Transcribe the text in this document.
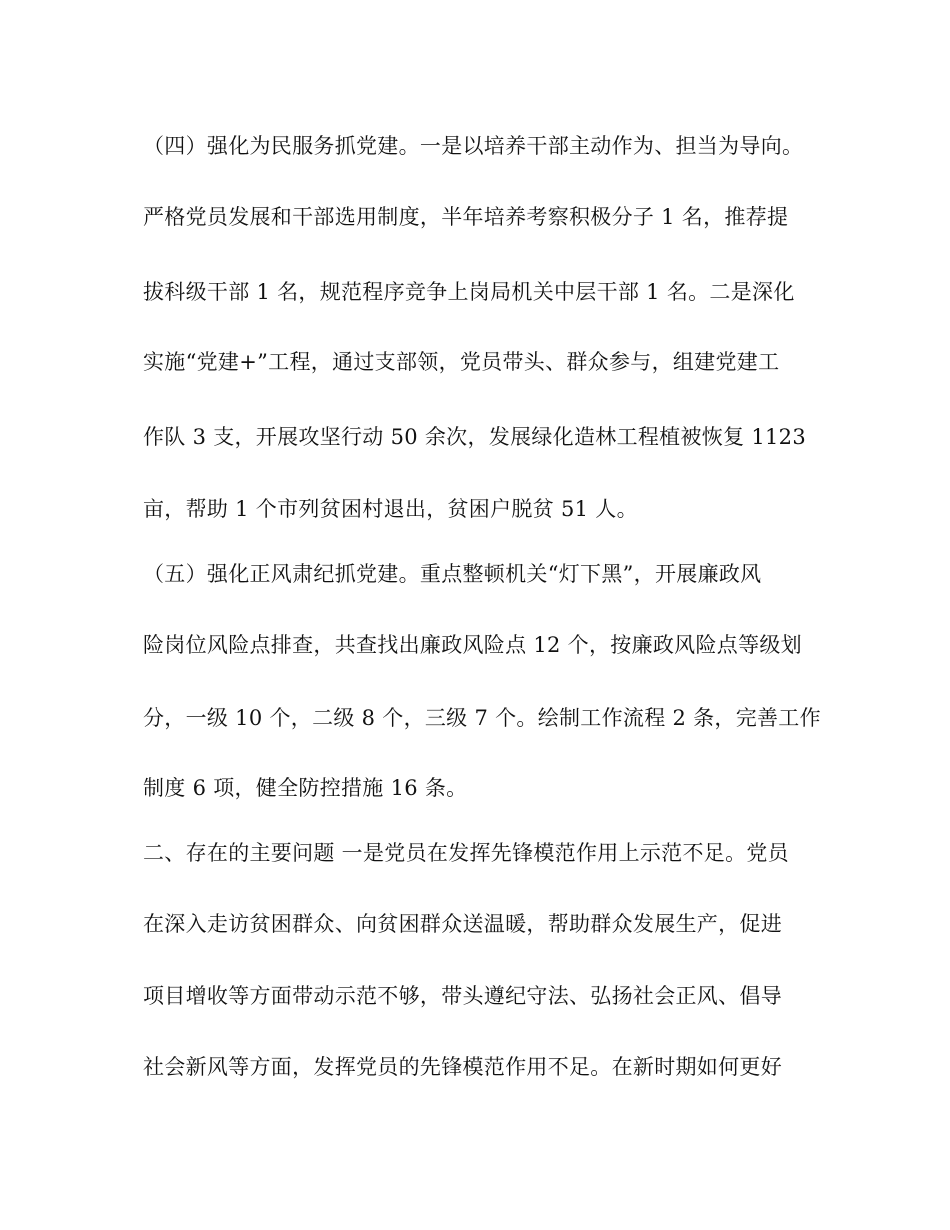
（四）强化为民服务抓党建。一是以培养干部主动作为、担当为导向。
严格党员发展和干部选用制度，半年培养考察积极分子 1 名，推荐提
拔科级干部 1 名，规范程序竞争上岗局机关中层干部 1 名。二是深化
实施“党建+”工程，通过支部领，党员带头、群众参与，组建党建工
作队 3 支，开展攻坚行动 50 余次，发展绿化造林工程植被恢复 1123
亩，帮助 1 个市列贫困村退出，贫困户脱贫 51 人。
（五）强化正风肃纪抓党建。重点整顿机关“灯下黑”，开展廉政风
险岗位风险点排查，共查找出廉政风险点 12 个，按廉政风险点等级划
分，一级 10 个，二级 8 个，三级 7 个。绘制工作流程 2 条，完善工作
制度 6 项，健全防控措施 16 条。
二、存在的主要问题 一是党员在发挥先锋模范作用上示范不足。党员
在深入走访贫困群众、向贫困群众送温暖，帮助群众发展生产，促进
项目增收等方面带动示范不够，带头遵纪守法、弘扬社会正风、倡导
社会新风等方面，发挥党员的先锋模范作用不足。在新时期如何更好
